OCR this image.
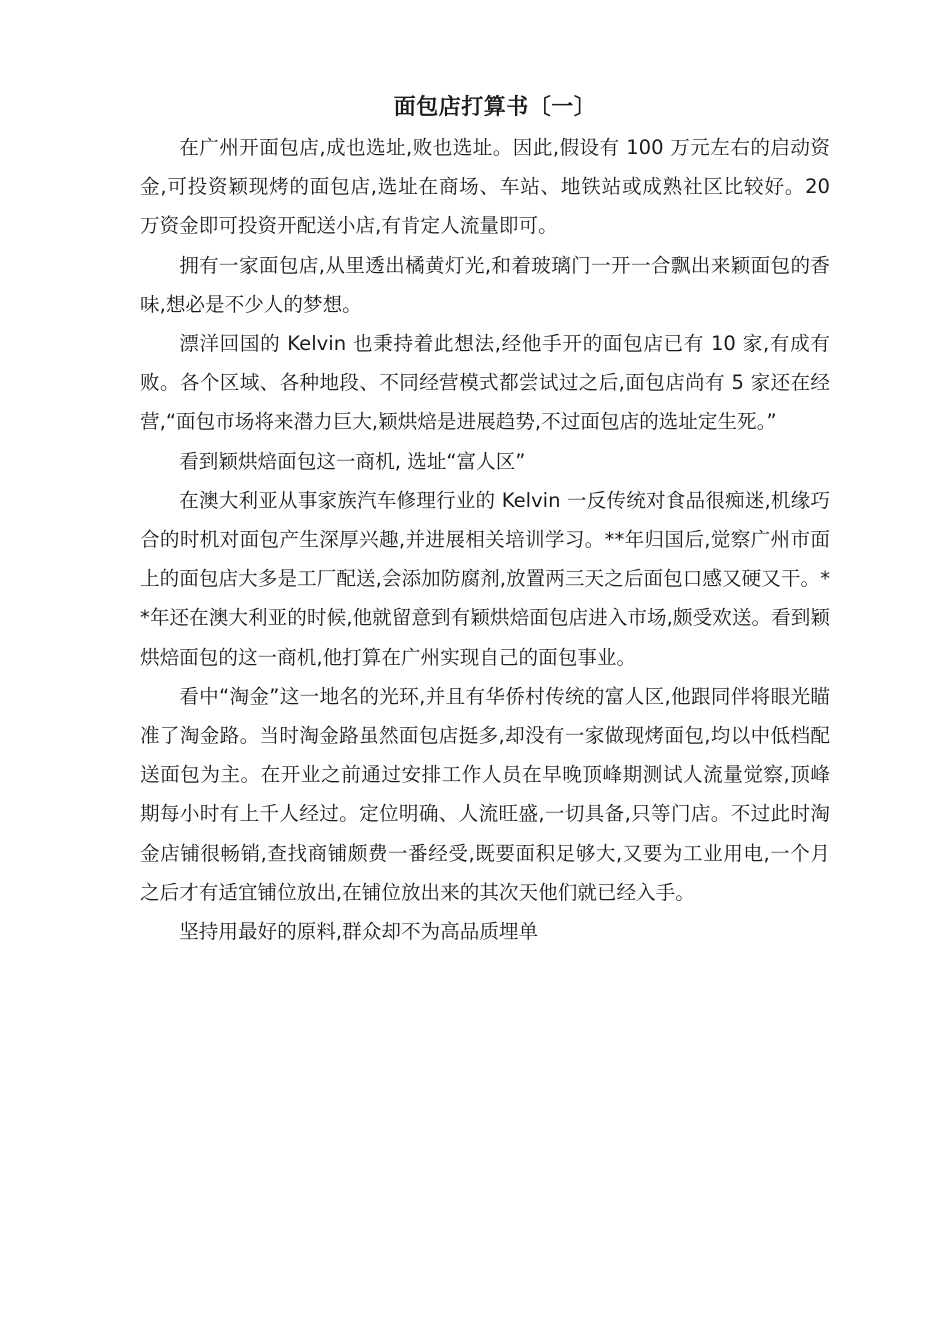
面包店打算书〔一〕

在广州开面包店,成也选址,败也选址。因此,假设有 100 万元左右的启动资金,可投资颖现烤的面包店,选址在商场、车站、地铁站或成熟社区比较好。20 万资金即可投资开配送小店,有肯定人流量即可。

拥有一家面包店,从里透出橘黄灯光,和着玻璃门一开一合飘出来颖面包的香味,想必是不少人的梦想。

漂洋回国的 Kelvin 也秉持着此想法,经他手开的面包店已有 10 家,有成有败。各个区域、各种地段、不同经营模式都尝试过之后,面包店尚有 5 家还在经营,“面包市场将来潜力巨大,颖烘焙是进展趋势,不过面包店的选址定生死。”

看到颖烘焙面包这一商机, 选址“富人区”

在澳大利亚从事家族汽车修理行业的 Kelvin 一反传统对食品很痴迷,机缘巧合的时机对面包产生深厚兴趣,并进展相关培训学习。**年归国后,觉察广州市面上的面包店大多是工厂配送,会添加防腐剂,放置两三天之后面包口感又硬又干。**年还在澳大利亚的时候,他就留意到有颖烘焙面包店进入市场,颇受欢送。看到颖烘焙面包的这一商机,他打算在广州实现自己的面包事业。

看中“淘金”这一地名的光环,并且有华侨村传统的富人区,他跟同伴将眼光瞄准了淘金路。当时淘金路虽然面包店挺多,却没有一家做现烤面包,均以中低档配送面包为主。在开业之前通过安排工作人员在早晚顶峰期测试人流量觉察,顶峰期每小时有上千人经过。定位明确、人流旺盛,一切具备,只等门店。不过此时淘金店铺很畅销,查找商铺颇费一番经受,既要面积足够大,又要为工业用电,一个月之后才有适宜铺位放出,在铺位放出来的其次天他们就已经入手。

坚持用最好的原料,群众却不为高品质埋单
